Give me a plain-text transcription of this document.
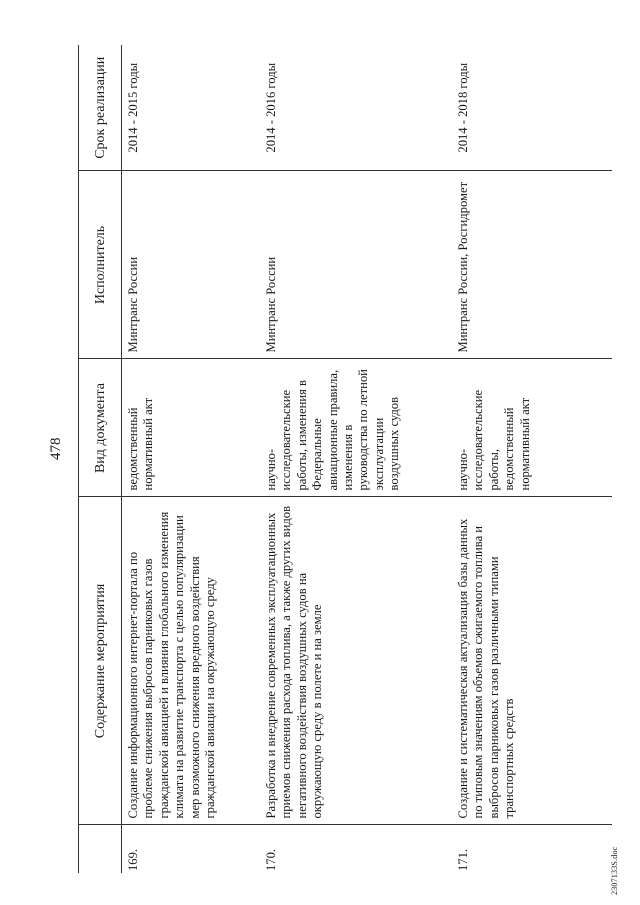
478
	Содержание мероприятия	Вид документа	Исполнитель	Срок реализации
169.	Создание информационного интернет-портала по проблеме снижения выбросов парниковых газов гражданской авиацией и влияния глобального изменения климата на развитие транспорта с целью популяризации мер возможного снижения вредного воздействия гражданской авиации на окружающую среду	ведомственный нормативный акт	Минтранс России	2014 - 2015 годы
170.	Разработка и внедрение современных эксплуатационных приемов снижения расхода топлива, а также других видов негативного воздействия воздушных судов на окружающую среду в полете и на земле	научно-исследовательские работы, изменения в Федеральные авиационные правила, изменения в руководства по летной эксплуатации воздушных судов	Минтранс России	2014 - 2016 годы
171.	Создание и систематическая актуализация базы данных по типовым значениям объемов сжигаемого топлива и выбросов парниковых газов различными типами транспортных средств	научно-исследовательские работы, ведомственный нормативный акт	Минтранс России, Росгидромет	2014 - 2018 годы
2307133S.doc
